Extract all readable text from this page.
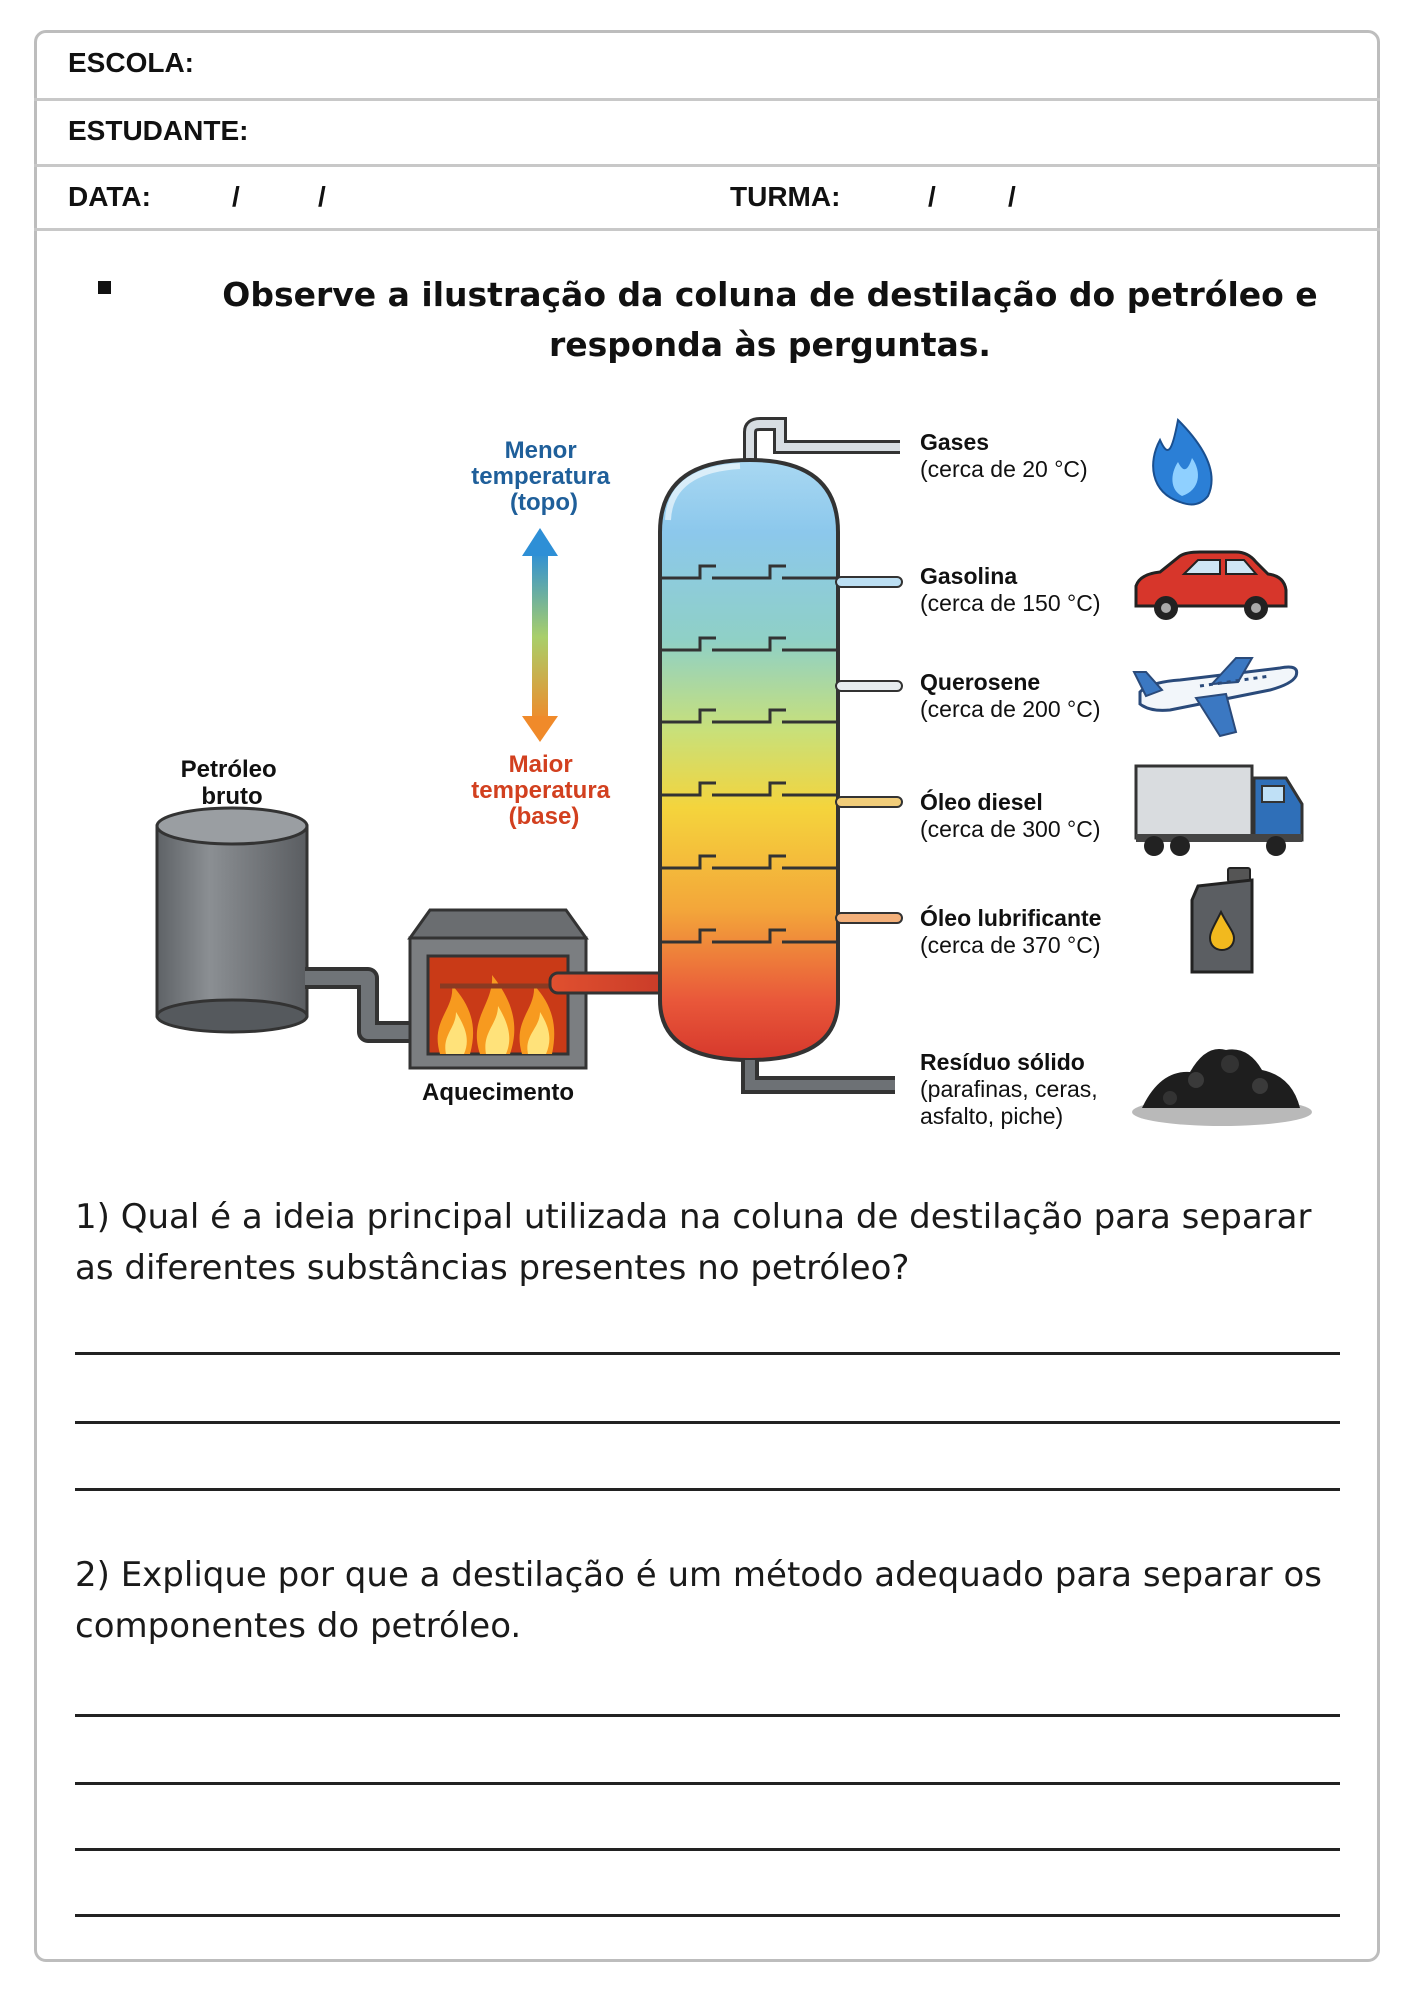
ESCOLA:
ESTUDANTE:
DATA:	/	/	TURMA:	/	/
Observe a ilustração da coluna de destilação do petróleo e responda às perguntas.
Petróleo bruto
Aquecimento
Menor temperatura (topo)
Maior temperatura (base)
Gases (cerca de 20 °C)
Gasolina (cerca de 150 °C)
Querosene (cerca de 200 °C)
Óleo diesel (cerca de 300 °C)
Óleo lubrificante (cerca de 370 °C)
Resíduo sólido (parafinas, ceras, asfalto, piche)
1) Qual é a ideia principal utilizada na coluna de destilação para separar as diferentes substâncias presentes no petróleo?
2) Explique por que a destilação é um método adequado para separar os componentes do petróleo.
